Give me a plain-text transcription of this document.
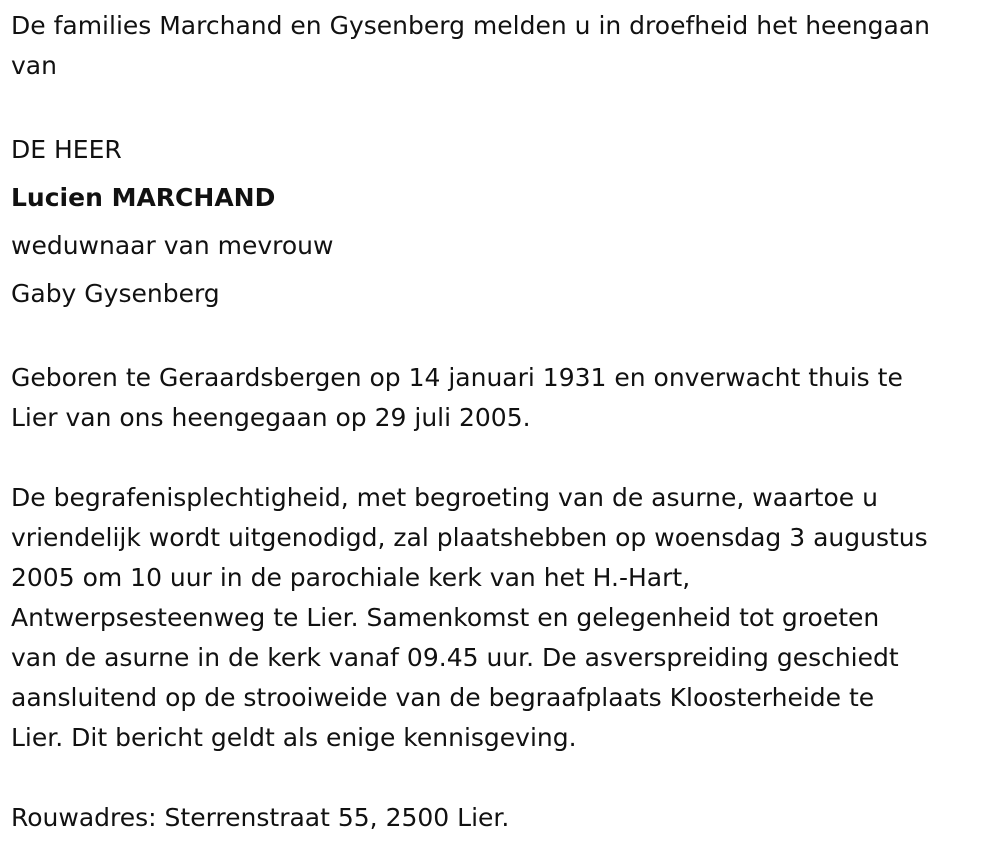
De families Marchand en Gysenberg melden u in droefheid het heengaan

van

DE HEER

Lucien MARCHAND

weduwnaar van mevrouw

Gaby Gysenberg

Geboren te Geraardsbergen op 14 januari 1931 en onverwacht thuis te

Lier van ons heengegaan op 29 juli 2005.

De begrafenisplechtigheid, met begroeting van de asurne, waartoe u

vriendelijk wordt uitgenodigd, zal plaatshebben op woensdag 3 augustus

2005 om 10 uur in de parochiale kerk van het H.-Hart,

Antwerpsesteenweg te Lier. Samenkomst en gelegenheid tot groeten

van de asurne in de kerk vanaf 09.45 uur. De asverspreiding geschiedt

aansluitend op de strooiweide van de begraafplaats Kloosterheide te

Lier. Dit bericht geldt als enige kennisgeving.

Rouwadres: Sterrenstraat 55, 2500 Lier.
